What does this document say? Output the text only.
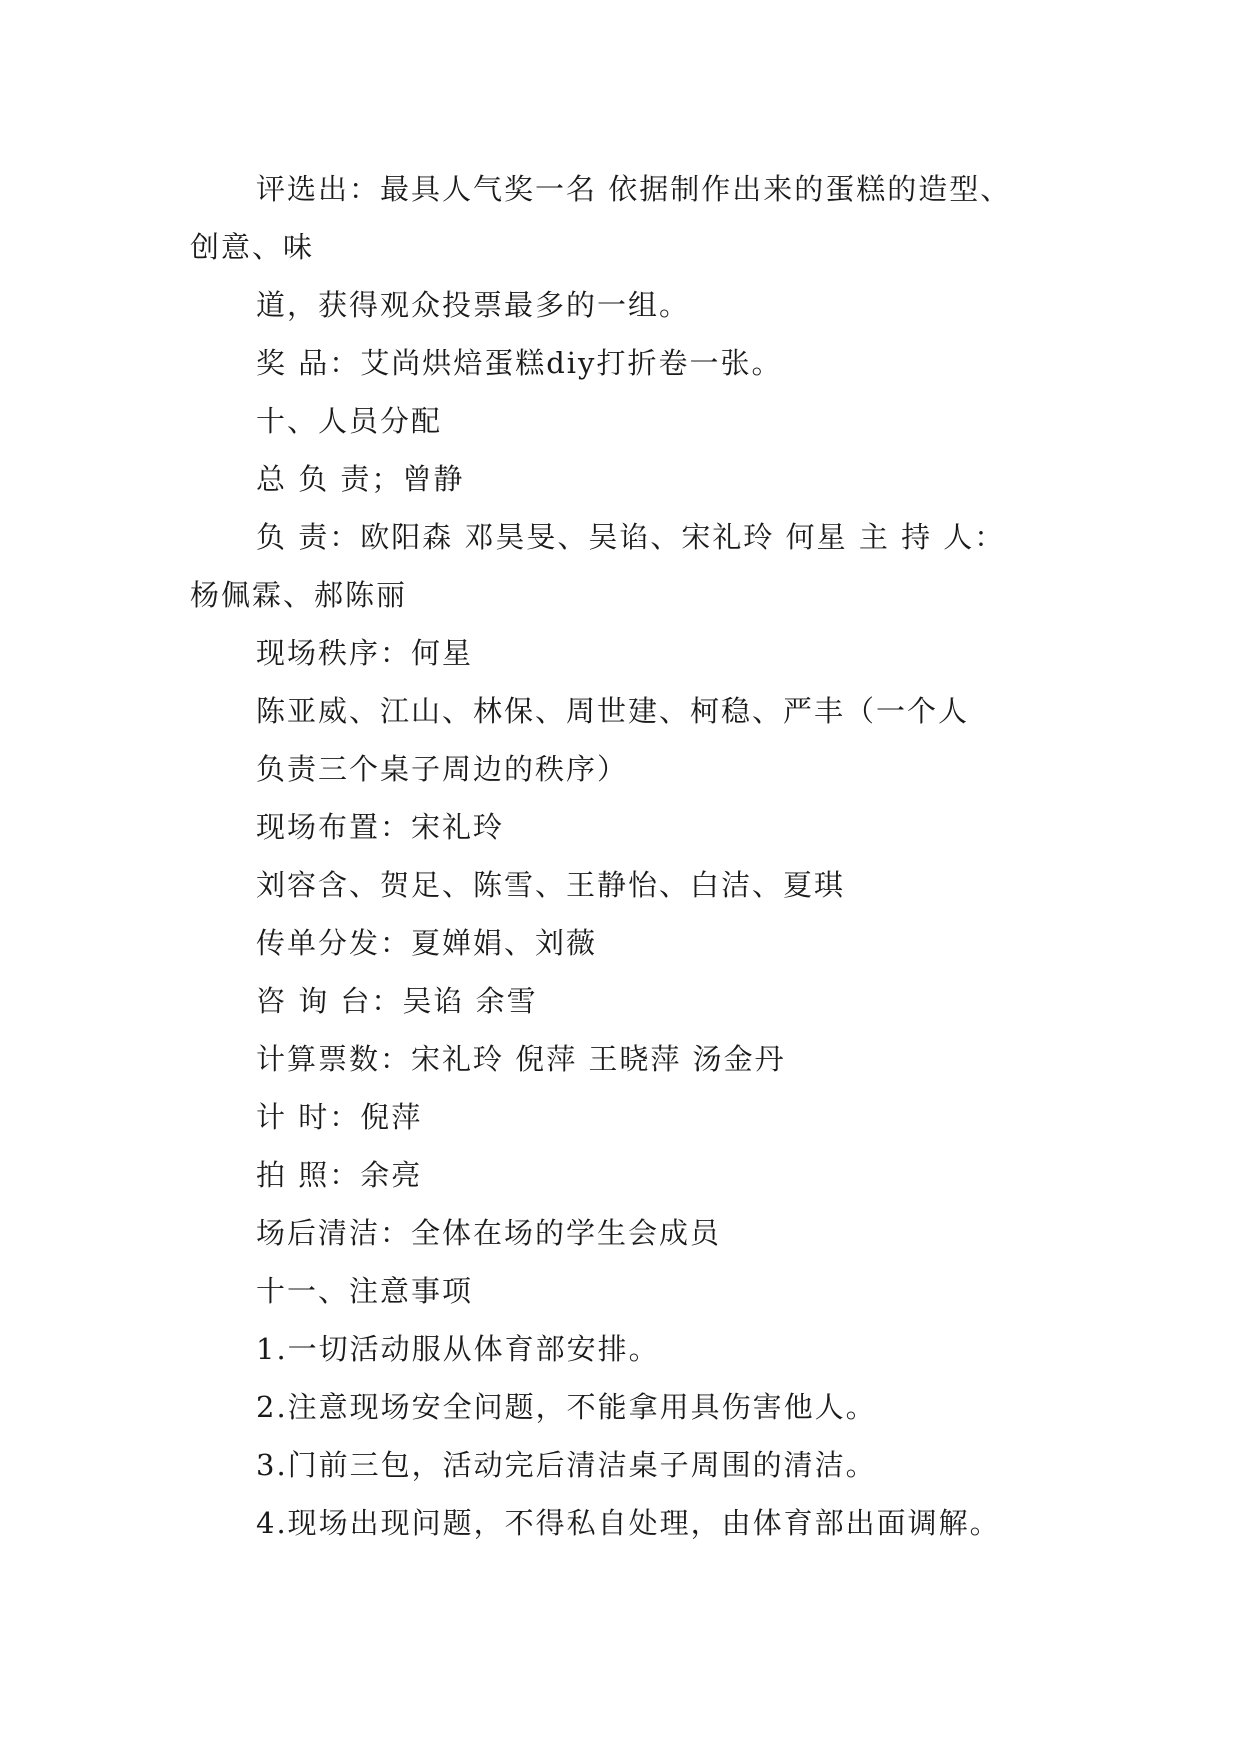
评选出：最具人气奖一名 依据制作出来的蛋糕的造型、
创意、味
道，获得观众投票最多的一组。
奖 品：艾尚烘焙蛋糕diy打折卷一张。
十、人员分配
总 负 责；曾静
负 责：欧阳森 邓昊旻、吴谄、宋礼玲 何星 主 持 人：
杨佩霖、郝陈丽
现场秩序：何星
陈亚威、江山、林保、周世建、柯稳、严丰（一个人
负责三个桌子周边的秩序）
现场布置：宋礼玲
刘容含、贺足、陈雪、王静怡、白洁、夏琪
传单分发：夏婵娟、刘薇
咨 询 台：吴谄 余雪
计算票数：宋礼玲 倪萍 王晓萍 汤金丹
计 时：倪萍
拍 照：余亮
场后清洁：全体在场的学生会成员
十一、注意事项
1.一切活动服从体育部安排。
2.注意现场安全问题，不能拿用具伤害他人。
3.门前三包，活动完后清洁桌子周围的清洁。
4.现场出现问题，不得私自处理，由体育部出面调解。
